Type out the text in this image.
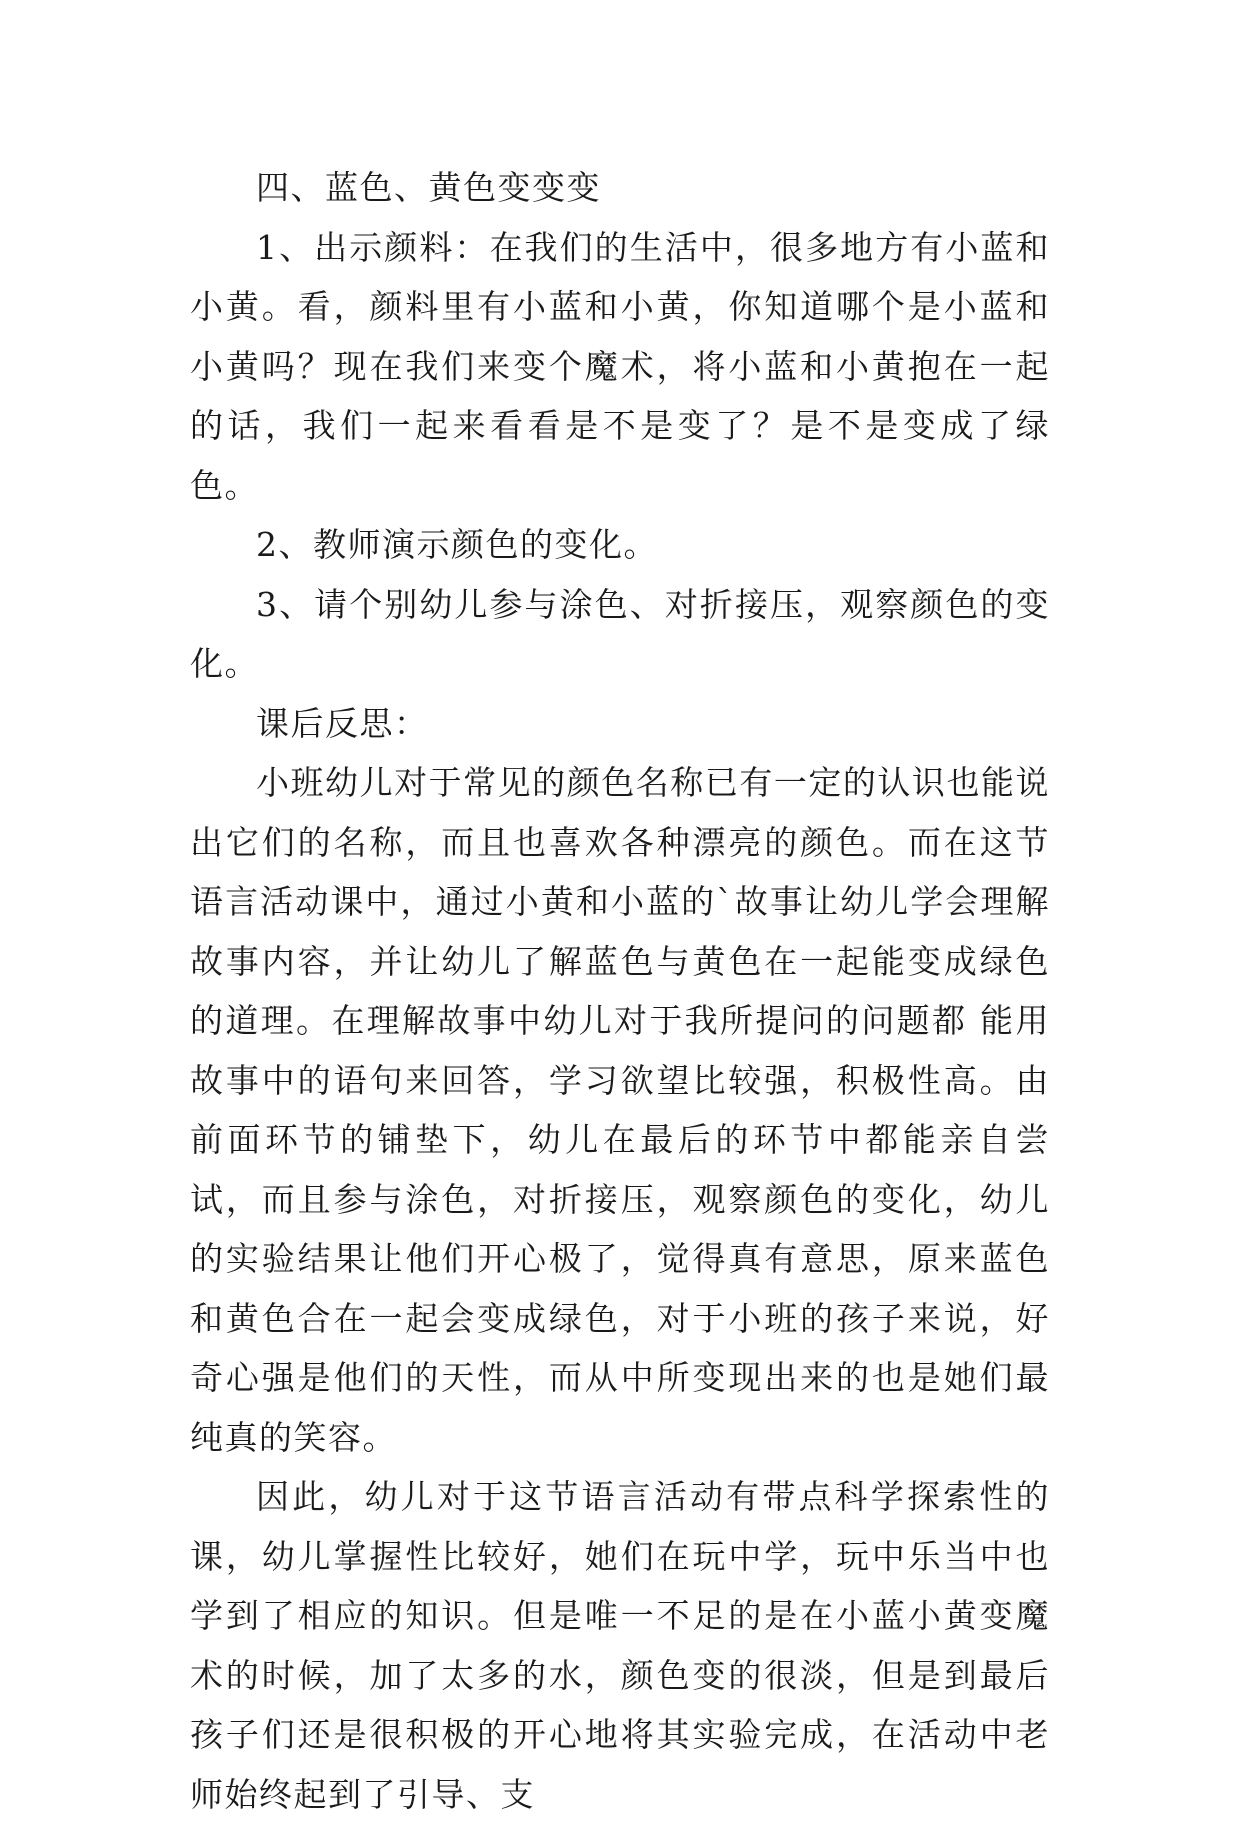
四、蓝色、黄色变变变

1、出示颜料：在我们的生活中，很多地方有小蓝和小黄。看，颜料里有小蓝和小黄，你知道哪个是小蓝和小黄吗？现在我们来变个魔术，将小蓝和小黄抱在一起的话，我们一起来看看是不是变了？是不是变成了绿色。

2、教师演示颜色的变化。

3、请个别幼儿参与涂色、对折接压，观察颜色的变化。

课后反思：

小班幼儿对于常见的颜色名称已有一定的认识也能说出它们的名称，而且也喜欢各种漂亮的颜色。而在这节语言活动课中，通过小黄和小蓝的`故事让幼儿学会理解故事内容，并让幼儿了解蓝色与黄色在一起能变成绿色的道理。在理解故事中幼儿对于我所提问的问题都 能用故事中的语句来回答，学习欲望比较强，积极性高。由前面环节的铺垫下，幼儿在最后的环节中都能亲自尝试，而且参与涂色，对折接压，观察颜色的变化，幼儿的实验结果让他们开心极了，觉得真有意思，原来蓝色和黄色合在一起会变成绿色，对于小班的孩子来说，好奇心强是他们的天性，而从中所变现出来的也是她们最纯真的笑容。

因此，幼儿对于这节语言活动有带点科学探索性的课，幼儿掌握性比较好，她们在玩中学，玩中乐当中也学到了相应的知识。但是唯一不足的是在小蓝小黄变魔术的时候，加了太多的水，颜色变的很淡，但是到最后孩子们还是很积极的开心地将其实验完成，在活动中老师始终起到了引导、支
